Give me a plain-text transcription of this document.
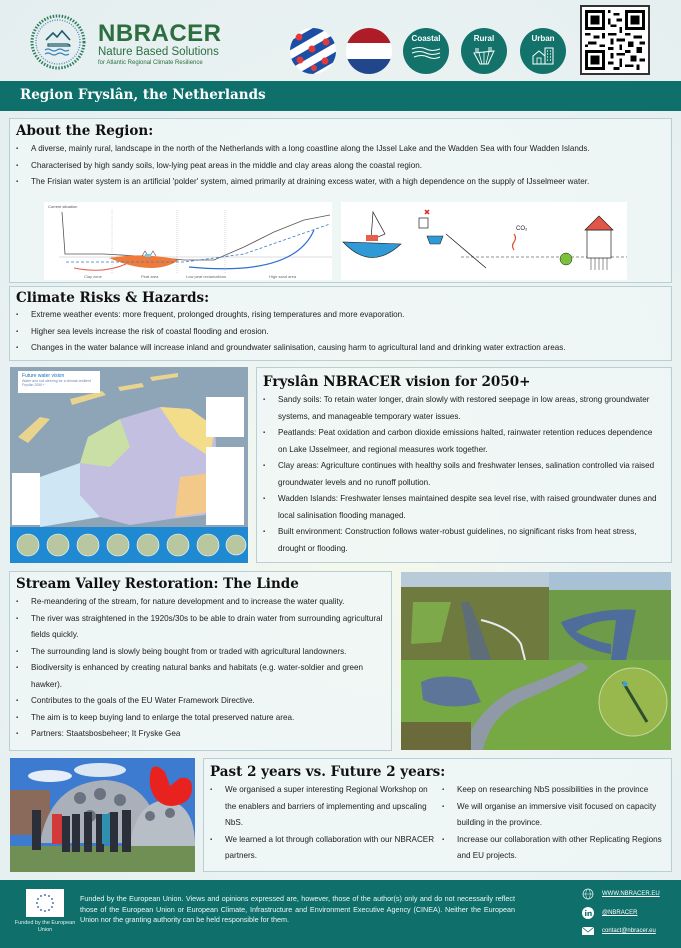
NBRACER
Nature Based Solutions
for Atlantic Regional Climate Resilience
Coastal	Rural	Urban
Region Fryslân, the Netherlands
About the Region:
▪ A diverse, mainly rural, landscape in the north of the Netherlands with a long coastline along the IJssel Lake and the Wadden Sea with four Wadden Islands.
▪ Characterised by high sandy soils, low-lying peat areas in the middle and clay areas along the coastal region.
▪ The Frisian water system is an artificial 'polder' system, aimed primarily at draining excess water, with a high dependence on the supply of IJsselmeer water.
Current situation
Clay zone	Peat area	Low peat reclamations	High sand area
CO₂
Climate Risks & Hazards:
▪ Extreme weather events: more frequent, prolonged droughts, rising temperatures and more evaporation.
▪ Higher sea levels increase the risk of coastal flooding and erosion.
▪ Changes in the water balance will increase inland and groundwater salinisation, causing harm to agricultural land and drinking water extraction areas.
Future water vision
Water and soil steering for a climate-resilient Fryslân 2050+	Fryslân NBRACER vision for 2050+
▪ Sandy soils: To retain water longer, drain slowly with restored seepage in low areas, strong groundwater systems, and manageable temporary water issues.
▪ Peatlands: Peat oxidation and carbon dioxide emissions halted, rainwater retention reduces dependence on Lake IJsselmeer, and regional measures work together.
▪ Clay areas: Agriculture continues with healthy soils and freshwater lenses, salination controlled via raised groundwater levels and no runoff pollution.
▪ Wadden Islands: Freshwater lenses maintained despite sea level rise, with raised groundwater dunes and local salinisation flooding managed.
▪ Built environment: Construction follows water-robust guidelines, no significant risks from heat stress, drought or flooding.
Stream Valley Restoration: The Linde
▪ Re-meandering of the stream, for nature development and to increase the water quality.
▪ The river was straightened in the 1920s/30s to be able to drain water from surrounding agricultural fields quickly.
▪ The surrounding land is slowly being bought from or traded with agricultural landowners.
▪ Biodiversity is enhanced by creating natural banks and habitats (e.g. water-soldier and green hawker).
▪ Contributes to the goals of the EU Water Framework Directive.
▪ The aim is to keep buying land to enlarge the total preserved nature area.
▪ Partners: Staatsbosbeheer; It Fryske Gea
Past 2 years vs. Future 2 years:
▪ We organised a super interesting Regional Workshop on the enablers and barriers of implementing and upscaling NbS.
▪ We learned a lot through collaboration with our NBRACER partners.
▪ Keep on researching NbS possibilities in the province
▪ We will organise an immersive visit focused on capacity building in the province.
▪ Increase our collaboration with other Replicating Regions and EU projects.
Funded by the European Union
Funded by the European Union. Views and opinions expressed are, however, those of the author(s) only and do not necessarily reflect those of the European Union or European Climate, Infrastructure and Environment Executive Agency (CINEA). Neither the European Union nor the granting authority can be held responsible for them.
WWW.NBRACER.EU
@NBRACER
contact@nbracer.eu
